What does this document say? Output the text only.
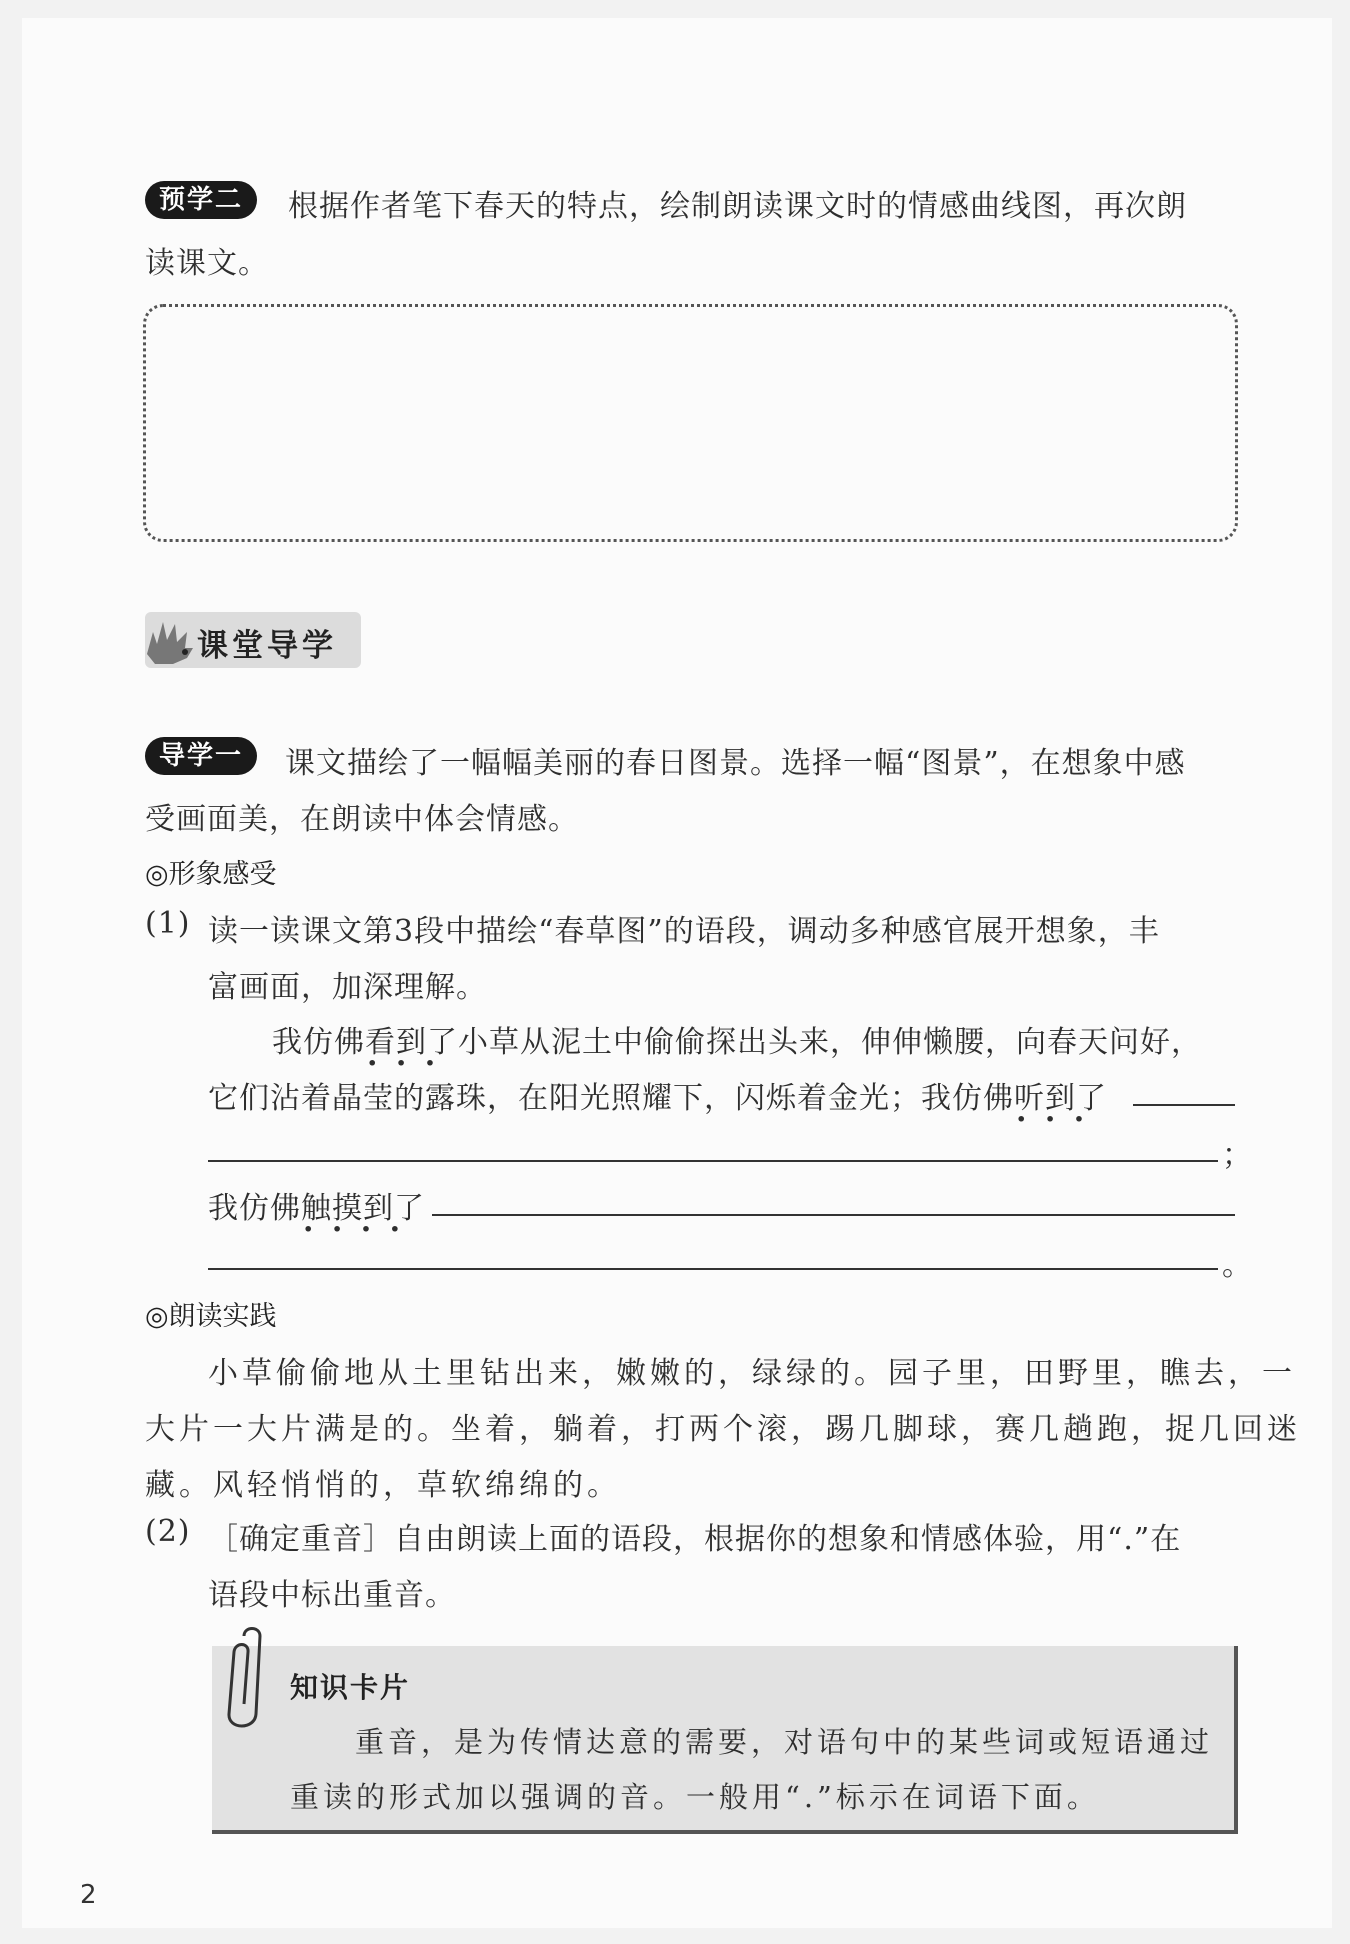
预学二	根据作者笔下春天的特点，绘制朗读课文时的情感曲线图，再次朗
读课文。
课堂导学
导学一	课文描绘了一幅幅美丽的春日图景。选择一幅“图景”，在想象中感
受画面美，在朗读中体会情感。
◎形象感受
(1) 读一读课文第3段中描绘“春草图”的语段，调动多种感官展开想象，丰
富画面，加深理解。
我仿佛看到了 · · ·小草从泥土中偷偷探出头来，伸伸懒腰，向春天问好，
它们沾着晶莹的露珠，在阳光照耀下，闪烁着金光；我仿佛听到了 · · ·
；
我仿佛触摸到了 · · · ·
。
◎朗读实践
小草偷偷地从土里钻出来，嫩嫩的，绿绿的。园子里，田野里，瞧去，一
大片一大片满是的。坐着，躺着，打两个滚，踢几脚球，赛几趟跑，捉几回迷
藏。风轻悄悄的，草软绵绵的。
(2) ［确定重音］自由朗读上面的语段，根据你的想象和情感体验，用“.”在
语段中标出重音。
知识卡片
重音，是为传情达意的需要，对语句中的某些词或短语通过
重读的形式加以强调的音。一般用“.”标示在词语下面。
2
